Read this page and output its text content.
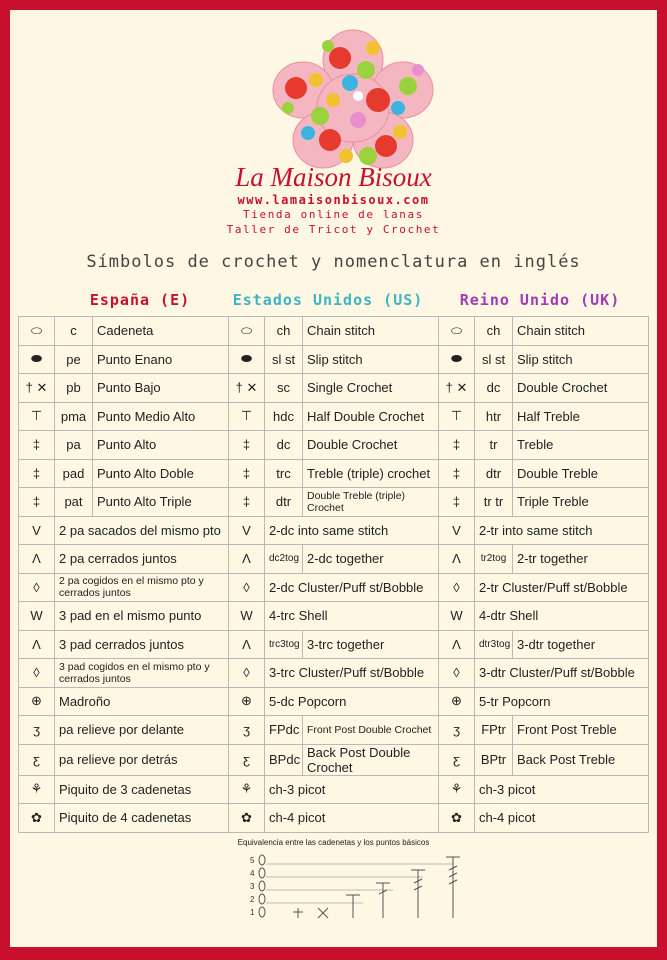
La Maison Bisoux
www.lamaisonbisoux.com
Tienda online de lanas
Taller de Tricot y Crochet
Símbolos de crochet y nomenclatura en inglés
España (E)	Estados Unidos (US)	Reino Unido (UK)
⬭	c	Cadeneta	⬭	ch	Chain stitch	⬭	ch	Chain stitch
⬬	pe	Punto Enano	⬬	sl st	Slip stitch	⬬	sl st	Slip stitch
† ✕	pb	Punto Bajo	† ✕	sc	Single Crochet	† ✕	dc	Double Crochet
⊤	pma	Punto Medio Alto	⊤	hdc	Half Double Crochet	⊤	htr	Half Treble
‡	pa	Punto Alto	‡	dc	Double Crochet	‡	tr	Treble
‡	pad	Punto Alto Doble	‡	trc	Treble (triple) crochet	‡	dtr	Double Treble
‡	pat	Punto Alto Triple	‡	dtr	Double Treble (triple) Crochet	‡	tr tr	Triple Treble
V	2 pa sacados del mismo pto		V	2-dc into same stitch		V	2-tr into same stitch	
Λ	2 pa cerrados juntos		Λ	dc2tog	2-dc together	Λ	tr2tog	2-tr together
◊	2 pa cogidos en el mismo pto y cerrados juntos		◊	2-dc Cluster/Puff st/Bobble		◊	2-tr Cluster/Puff st/Bobble	
W	3 pad en el mismo punto		W	4-trc Shell		W	4-dtr Shell	
Λ	3 pad cerrados juntos		Λ	trc3tog	3-trc together	Λ	dtr3tog	3-dtr together
◊	3 pad cogidos en el mismo pto y cerrados juntos		◊	3-trc Cluster/Puff st/Bobble		◊	3-dtr Cluster/Puff st/Bobble	
⊕	Madroño		⊕	5-dc Popcorn		⊕	5-tr Popcorn	
ʒ	pa relieve por delante		ʒ	FPdc	Front Post Double Crochet	ʒ	FPtr	Front Post Treble
ƹ	pa relieve por detrás		ƹ	BPdc	Back Post Double Crochet	ƹ	BPtr	Back Post Treble
⚘	Piquito de 3 cadenetas		⚘	ch-3 picot		⚘	ch-3 picot	
✿	Piquito de 4 cadenetas		✿	ch-4 picot		✿	ch-4 picot	
Equivalencia entre las cadenetas y los puntos básicos
5
4
3
2
1
